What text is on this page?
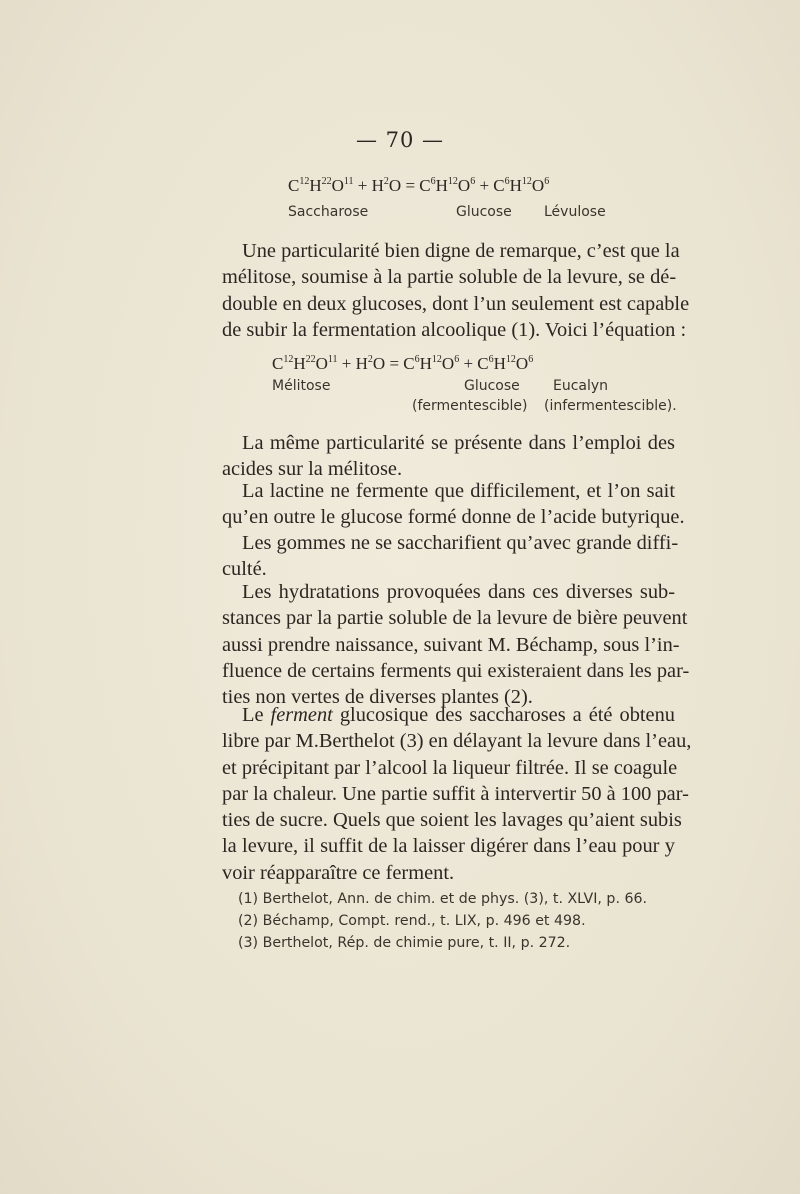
— 70 —
$C^{12}H^{22}O^{11} + H^2O = C^6H^{12}O^6 + C^6H^{12}O^6$
Saccharose	Glucose Lévulose
Une particularité bien digne de remarque, c’est que la
mélitose, soumise à la partie soluble de la levure, se dé-
double en deux glucoses, dont l’un seulement est capable
de subir la fermentation alcoolique (1). Voici l’équation :
$C^{12}H^{22}O^{11} + H^2O = C^6H^{12}O^6 + C^6H^{12}O^6$
Mélitose	Glucose Eucalyn
(fermentescible) (infermentescible).
La même particularité se présente dans l’emploi des
acides sur la mélitose.
La lactine ne fermente que difficilement, et l’on sait
qu’en outre le glucose formé donne de l’acide butyrique.
Les gommes ne se saccharifient qu’avec grande diffi-
culté.
Les hydratations provoquées dans ces diverses sub-
stances par la partie soluble de la levure de bière peuvent
aussi prendre naissance, suivant M. Béchamp, sous l’in-
fluence de certains ferments qui existeraient dans les par-
ties non vertes de diverses plantes (2).
Le ferment glucosique des saccharoses a été obtenu
libre par M.Berthelot (3) en délayant la levure dans l’eau,
et précipitant par l’alcool la liqueur filtrée. Il se coagule
par la chaleur. Une partie suffit à intervertir 50 à 100 par-
ties de sucre. Quels que soient les lavages qu’aient subis
la levure, il suffit de la laisser digérer dans l’eau pour y
voir réapparaître ce ferment.
(1) Berthelot, Ann. de chim. et de phys. (3), t. XLVI, p. 66.
(2) Béchamp, Compt. rend., t. LIX, p. 496 et 498.
(3) Berthelot, Rép. de chimie pure, t. II, p. 272.
